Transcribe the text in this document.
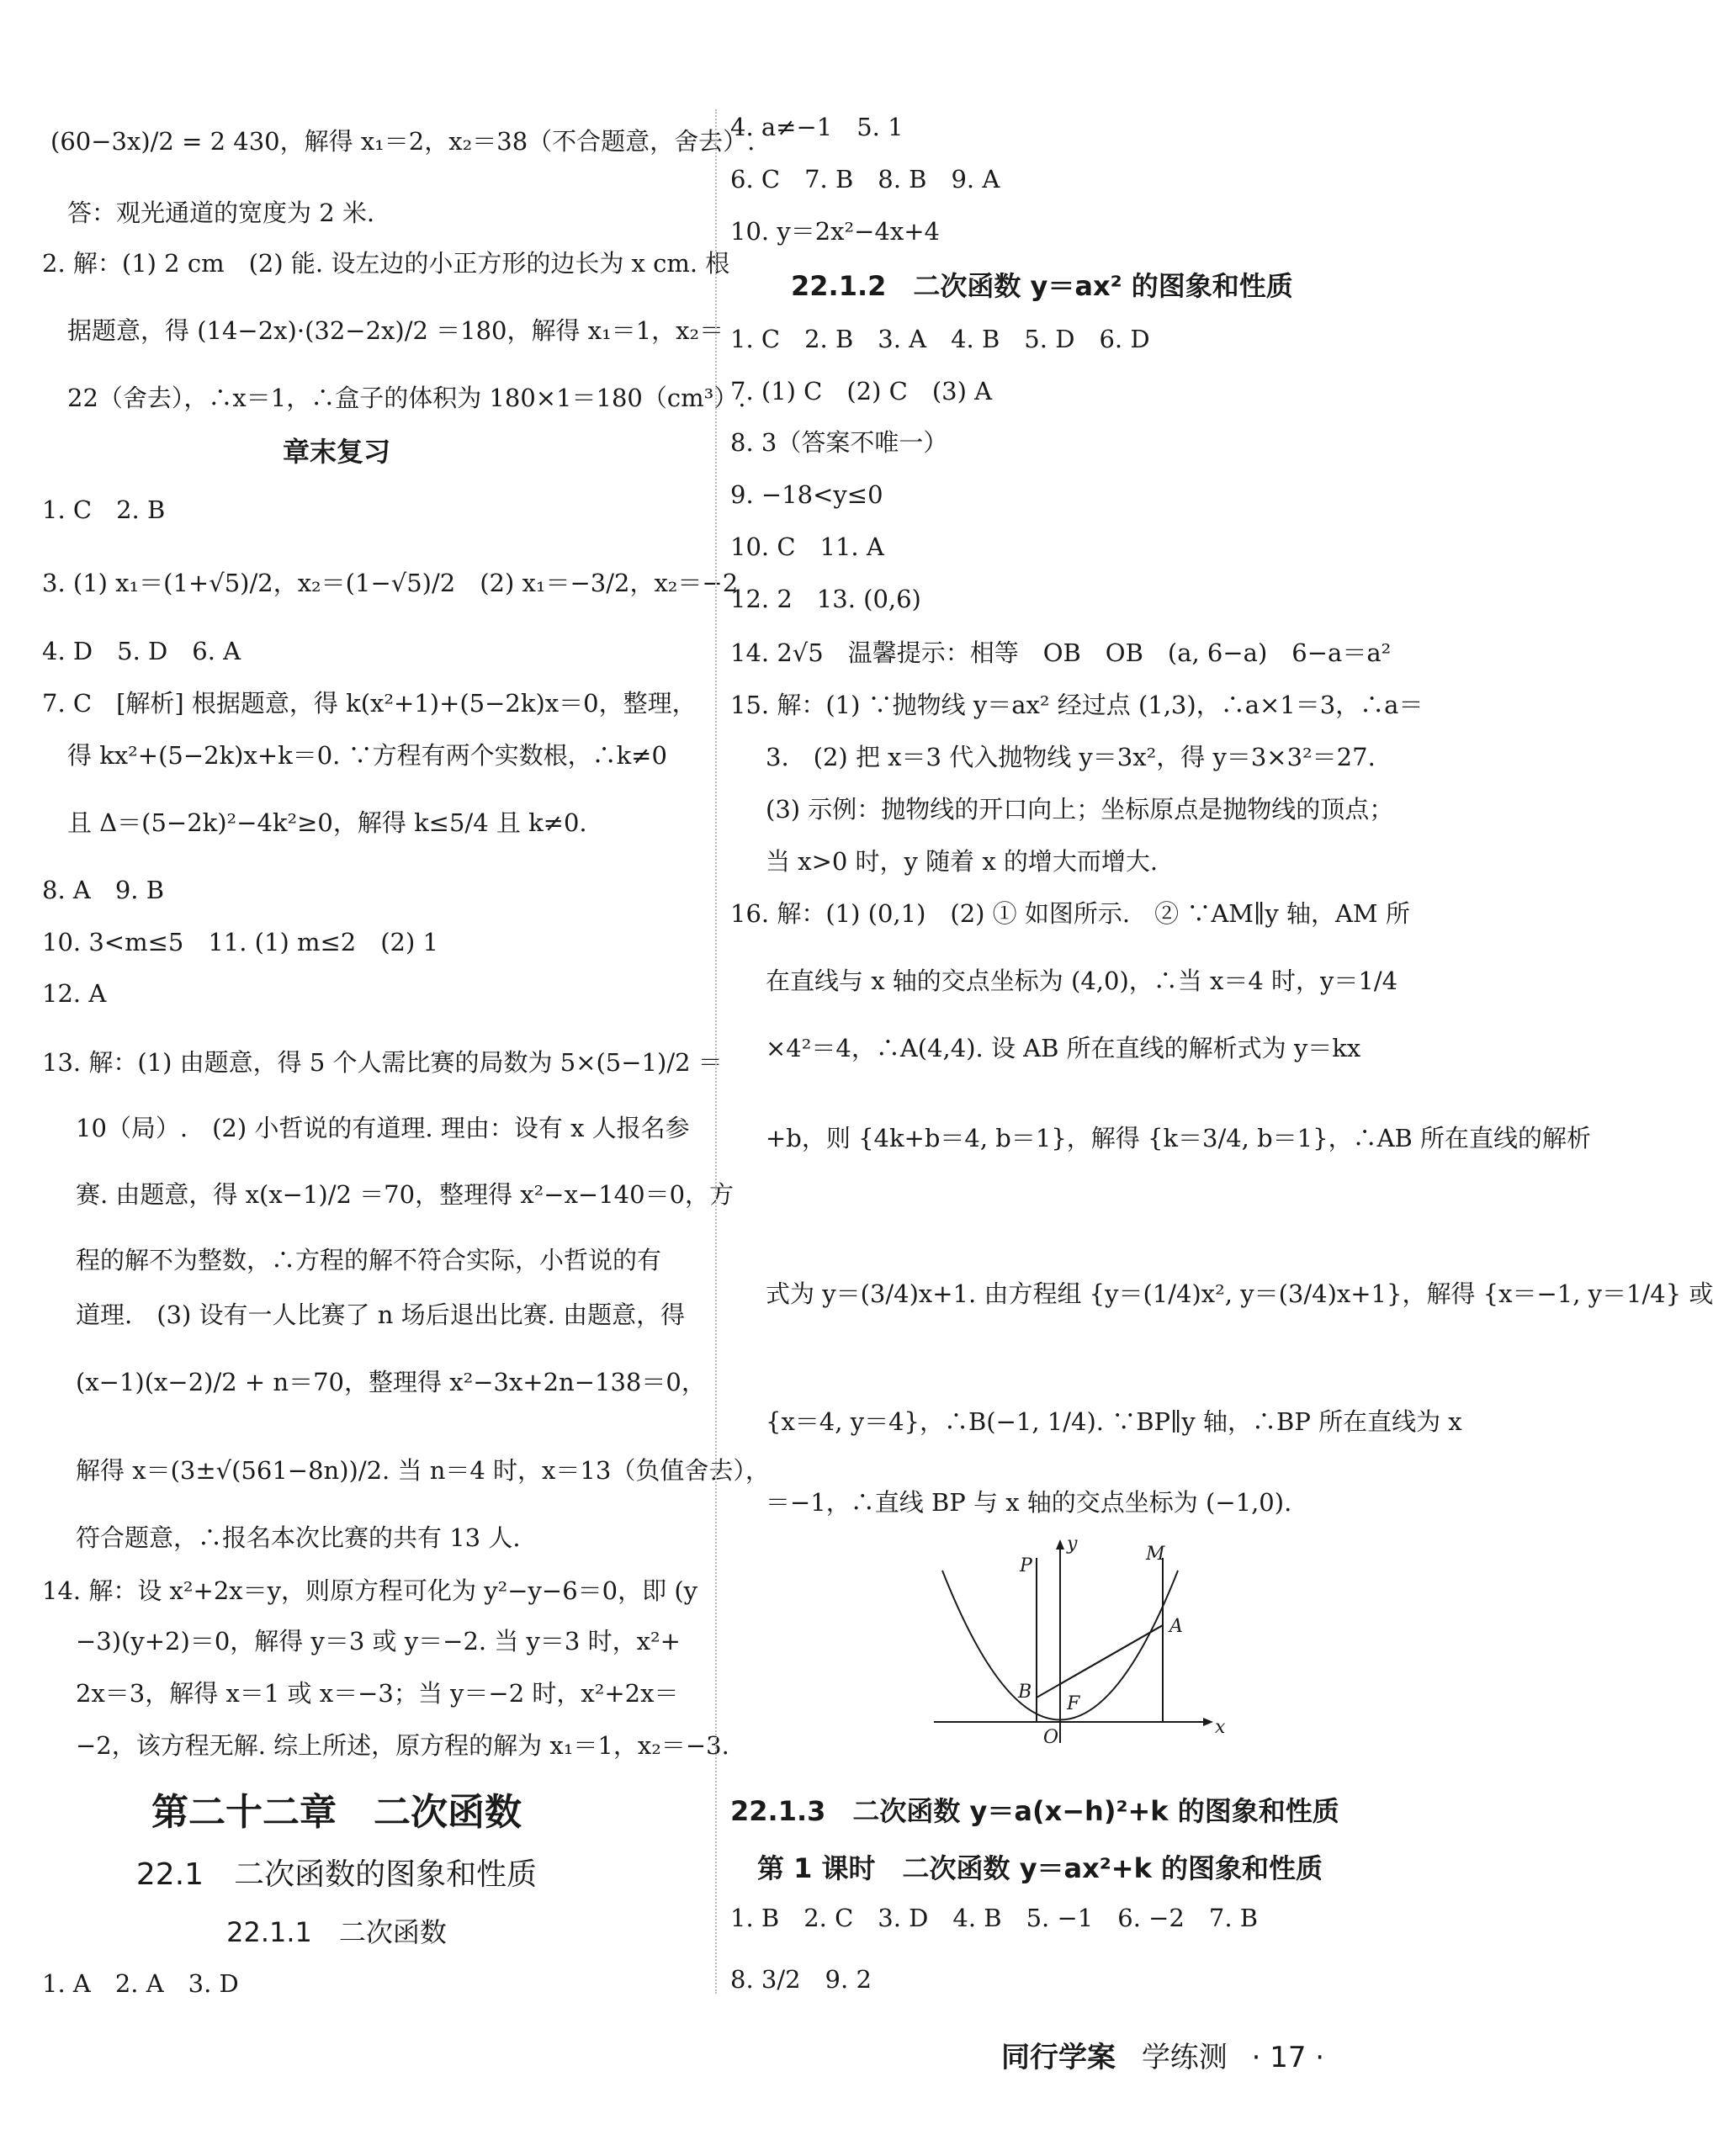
(60−3x)/2 = 2 430，解得 x₁＝2，x₂＝38（不合题意，舍去）.
答：观光通道的宽度为 2 米.
2. 解：(1) 2 cm　(2) 能. 设左边的小正方形的边长为 x cm. 根
据题意，得 (14−2x)·(32−2x)/2 ＝180，解得 x₁＝1，x₂＝
22（舍去），∴x＝1，∴盒子的体积为 180×1＝180（cm³）.
章末复习
1. C　2. B
3. (1) x₁＝(1+√5)/2，x₂＝(1−√5)/2　(2) x₁＝−3/2，x₂＝−2
4. D　5. D　6. A
7. C　[解析] 根据题意，得 k(x²+1)+(5−2k)x＝0，整理，
得 kx²+(5−2k)x+k＝0. ∵方程有两个实数根，∴k≠0
且 Δ＝(5−2k)²−4k²≥0，解得 k≤5/4 且 k≠0.
8. A　9. B
10. 3<m≤5　11. (1) m≤2　(2) 1
12. A
13. 解：(1) 由题意，得 5 个人需比赛的局数为 5×(5−1)/2 ＝
10（局）.　(2) 小哲说的有道理. 理由：设有 x 人报名参
赛. 由题意，得 x(x−1)/2 ＝70，整理得 x²−x−140＝0，方
程的解不为整数，∴方程的解不符合实际，小哲说的有
道理.　(3) 设有一人比赛了 n 场后退出比赛. 由题意，得
(x−1)(x−2)/2 + n＝70，整理得 x²−3x+2n−138＝0，
解得 x＝(3±√(561−8n))/2. 当 n＝4 时，x＝13（负值舍去），
符合题意，∴报名本次比赛的共有 13 人.
14. 解：设 x²+2x＝y，则原方程可化为 y²−y−6＝0，即 (y
−3)(y+2)＝0，解得 y＝3 或 y＝−2. 当 y＝3 时，x²+
2x＝3，解得 x＝1 或 x＝−3；当 y＝−2 时，x²+2x＝
−2，该方程无解. 综上所述，原方程的解为 x₁＝1，x₂＝−3.
第二十二章　二次函数
22.1　二次函数的图象和性质
22.1.1　二次函数
1. A　2. A　3. D
4. a≠−1　5. 1
6. C　7. B　8. B　9. A
10. y＝2x²−4x+4
22.1.2　二次函数 y＝ax² 的图象和性质
1. C　2. B　3. A　4. B　5. D　6. D
7. (1) C　(2) C　(3) A
8. 3（答案不唯一）
9. −18<y≤0
10. C　11. A
12. 2　13. (0,6)
14. 2√5　温馨提示：相等　OB　OB　(a, 6−a)　6−a＝a²
15. 解：(1) ∵抛物线 y＝ax² 经过点 (1,3)，∴a×1＝3，∴a＝
3.　(2) 把 x＝3 代入抛物线 y＝3x²，得 y＝3×3²＝27.
(3) 示例：抛物线的开口向上；坐标原点是抛物线的顶点；
当 x>0 时，y 随着 x 的增大而增大.
16. 解：(1) (0,1)　(2) ① 如图所示.　② ∵AM∥y 轴，AM 所
在直线与 x 轴的交点坐标为 (4,0)，∴当 x＝4 时，y＝1/4
×4²＝4，∴A(4,4). 设 AB 所在直线的解析式为 y＝kx
+b，则 {4k+b＝4, b＝1}，解得 {k＝3/4, b＝1}，∴AB 所在直线的解析
式为 y＝(3/4)x+1. 由方程组 {y＝(1/4)x², y＝(3/4)x+1}，解得 {x＝−1, y＝1/4} 或
{x＝4, y＝4}，∴B(−1, 1/4). ∵BP∥y 轴，∴BP 所在直线为 x
＝−1，∴直线 BP 与 x 轴的交点坐标为 (−1,0).
y
x
O
P
M
A
B
F
22.1.3　二次函数 y＝a(x−h)²+k 的图象和性质
第 1 课时　二次函数 y＝ax²+k 的图象和性质
1. B　2. C　3. D　4. B　5. −1　6. −2　7. B
8. 3/2　9. 2
同行学案 学练测 · 17 ·
